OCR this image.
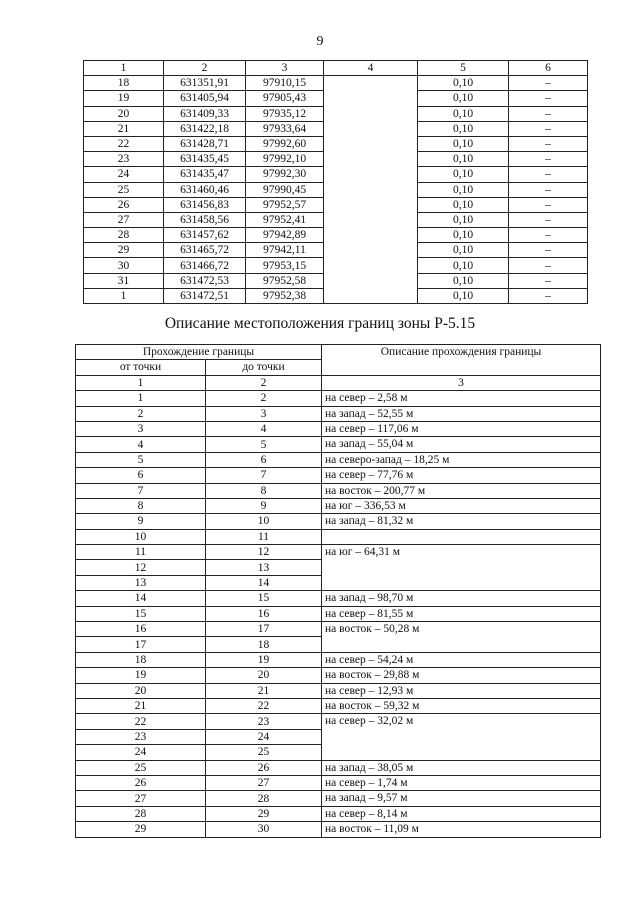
9
1	2	3	4	5	6
18	631351,91	97910,15		0,10	–
19	631405,94	97905,43		0,10	–
20	631409,33	97935,12		0,10	–
21	631422,18	97933,64		0,10	–
22	631428,71	97992,60		0,10	–
23	631435,45	97992,10		0,10	–
24	631435,47	97992,30		0,10	–
25	631460,46	97990,45		0,10	–
26	631456,83	97952,57		0,10	–
27	631458,56	97952,41		0,10	–
28	631457,62	97942,89		0,10	–
29	631465,72	97942,11		0,10	–
30	631466,72	97953,15		0,10	–
31	631472,53	97952,58		0,10	–
1	631472,51	97952,38		0,10	–
Описание местоположения границ зоны Р-5.15
Прохождение границы		Описание прохождения границы
от точки	до точки	
1	2	3
1	2	на север – 2,58 м
2	3	на запад – 52,55 м
3	4	на север – 117,06 м
4	5	на запад – 55,04 м
5	6	на северо-запад – 18,25 м
6	7	на север – 77,76 м
7	8	на восток – 200,77 м
8	9	на юг – 336,53 м
9	10	на запад – 81,32 м
10	11	
11	12	на юг – 64,31 м
12	13	
13	14	
14	15	на запад – 98,70 м
15	16	на север – 81,55 м
16	17	на восток – 50,28 м
17	18	
18	19	на север – 54,24 м
19	20	на восток – 29,88 м
20	21	на север – 12,93 м
21	22	на восток – 59,32 м
22	23	на север – 32,02 м
23	24	
24	25	
25	26	на запад – 38,05 м
26	27	на север – 1,74 м
27	28	на запад – 9,57 м
28	29	на север – 8,14 м
29	30	на восток – 11,09 м
